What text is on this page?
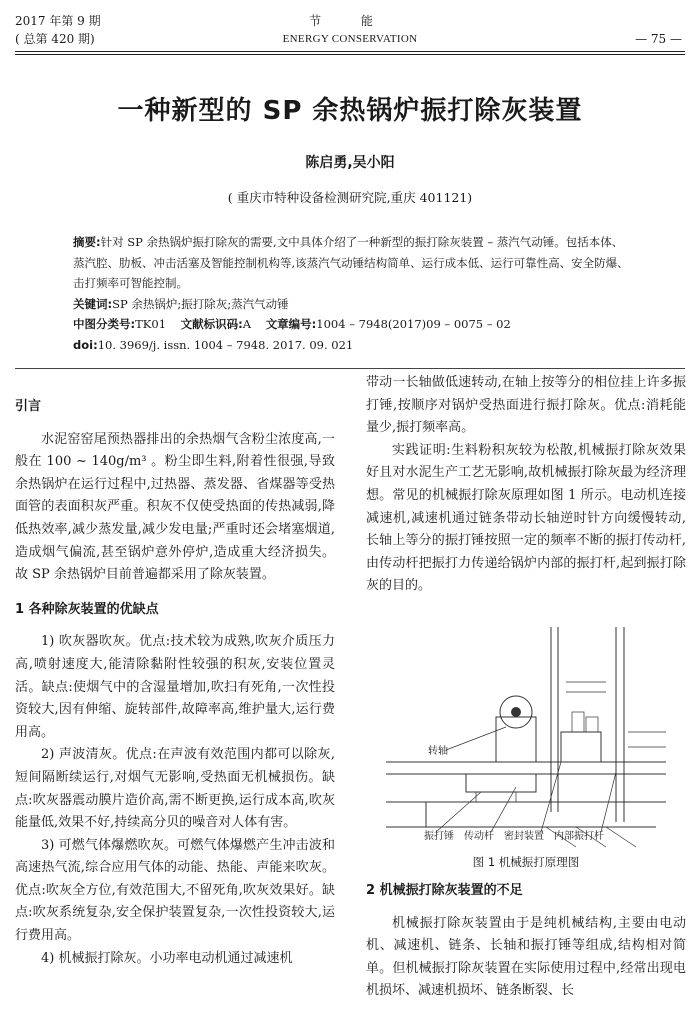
2017 年第 9 期
( 总第 420 期)
节 能
ENERGY CONSERVATION	— 75 —
一种新型的 SP 余热锅炉振打除灰装置
陈启勇,吴小阳
( 重庆市特种设备检测研究院,重庆 401121)
摘要:针对 SP 余热锅炉振打除灰的需要,文中具体介绍了一种新型的振打除灰装置 – 蒸汽气动锤。包括本体、蒸汽腔、肋板、冲击活塞及智能控制机构等,该蒸汽气动锤结构简单、运行成本低、运行可靠性高、安全防爆、击打频率可智能控制。
关键词:SP 余热锅炉;振打除灰;蒸汽气动锤
中图分类号:TK01 文献标识码:A 文章编号:1004 – 7948(2017)09 – 0075 – 02
doi:10. 3969/j. issn. 1004 – 7948. 2017. 09. 021
引言

水泥窑窑尾预热器排出的余热烟气含粉尘浓度高,一般在 100 ~ 140g/m³ 。粉尘即生料,附着性很强,导致余热锅炉在运行过程中,过热器、蒸发器、省煤器等受热面管的表面积灰严重。积灰不仅使受热面的传热减弱,降低热效率,减少蒸发量,减少发电量;严重时还会堵塞烟道,造成烟气偏流,甚至锅炉意外停炉,造成重大经济损失。故 SP 余热锅炉目前普遍都采用了除灰装置。

1 各种除灰装置的优缺点

1) 吹灰器吹灰。优点:技术较为成熟,吹灰介质压力高,喷射速度大,能清除黏附性较强的积灰,安装位置灵活。缺点:使烟气中的含湿量增加,吹扫有死角,一次性投资较大,因有伸缩、旋转部件,故障率高,维护量大,运行费用高。

2) 声波清灰。优点:在声波有效范围内都可以除灰,短间隔断续运行,对烟气无影响,受热面无机械损伤。缺点:吹灰器震动膜片造价高,需不断更换,运行成本高,吹灰能量低,效果不好,持续高分贝的噪音对人体有害。

3) 可燃气体爆燃吹灰。可燃气体爆燃产生冲击波和高速热气流,综合应用气体的动能、热能、声能来吹灰。优点:吹灰全方位,有效范围大,不留死角,吹灰效果好。缺点:吹灰系统复杂,安全保护装置复杂,一次性投资较大,运行费用高。

4) 机械振打除灰。小功率电动机通过减速机

带动一长轴做低速转动,在轴上按等分的相位挂上许多振打锤,按顺序对锅炉受热面进行振打除灰。优点:消耗能量少,振打频率高。

实践证明:生料粉积灰较为松散,机械振打除灰效果好且对水泥生产工艺无影响,故机械振打除灰最为经济理想。常见的机械振打除灰原理如图 1 所示。电动机连接减速机,减速机通过链条带动长轴逆时针方向缓慢转动,长轴上等分的振打锤按照一定的频率不断的振打传动杆,由传动杆把振打力传递给锅炉内部的振打杆,起到振打除灰的目的。

转轴
振打锤 传动杆 密封装置 内部振打杆
图 1 机械振打原理图
2 机械振打除灰装置的不足

机械振打除灰装置由于是纯机械结构,主要由电动机、减速机、链条、长轴和振打锤等组成,结构相对简单。但机械振打除灰装置在实际使用过程中,经常出现电机损坏、减速机损坏、链条断裂、长
